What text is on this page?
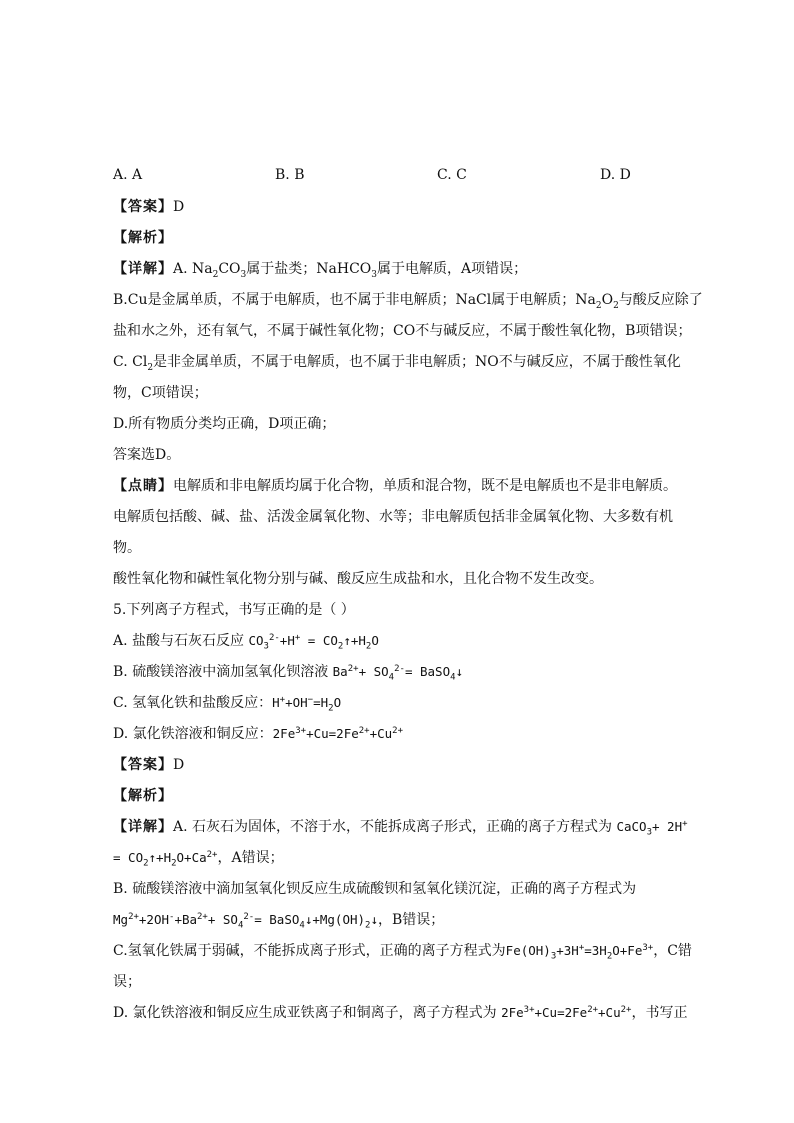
A. A	B. B	C. C	D. D
【答案】D
【解析】
【详解】A. $Na_2CO_3$属于盐类；NaHCO$_3$属于电解质，A项错误；
B.Cu是金属单质，不属于电解质，也不属于非电解质；NaCl属于电解质；$Na_2O_2$与酸反应除了
盐和水之外，还有氧气，不属于碱性氧化物；CO不与碱反应，不属于酸性氧化物，B项错误；
C. $Cl_2$是非金属单质，不属于电解质，也不属于非电解质；NO不与碱反应，不属于酸性氧化
物，C项错误；
D.所有物质分类均正确，D项正确；
答案选D。
【点睛】电解质和非电解质均属于化合物，单质和混合物，既不是电解质也不是非电解质。
电解质包括酸、碱、盐、活泼金属氧化物、水等；非电解质包括非金属氧化物、大多数有机
物。
酸性氧化物和碱性氧化物分别与碱、酸反应生成盐和水，且化合物不发生改变。
5.下列离子方程式，书写正确的是（ ）
A. 盐酸与石灰石反应 $CO_3^{2-}+H^+$ = $CO_2↑+H_2O$
B. 硫酸镁溶液中滴加氢氧化钡溶液 $Ba^{2+}+ SO_4^{2-}=$ BaSO$_4$↓
C. 氢氧化铁和盐酸反应：$H^++OH^-=H_2O$
D. 氯化铁溶液和铜反应：$2Fe^{3+}+Cu=2Fe^{2+}+Cu^{2+}$
【答案】D
【解析】
【详解】A. 石灰石为固体，不溶于水，不能拆成离子形式，正确的离子方程式为 CaCO$_3$+ 2H+
= $CO_2↑+H_2O+Ca^{2+}$，A错误；
B. 硫酸镁溶液中滴加氢氧化钡反应生成硫酸钡和氢氧化镁沉淀，正确的离子方程式为
$Mg^{2+}+2OH^-+Ba^{2+}+ SO_4^{2-}=$ $BaSO_4↓+Mg(OH)_2↓$，B错误；
C.氢氧化铁属于弱碱，不能拆成离子形式，正确的离子方程式为$Fe(OH)_3+3H^+=3H_2O+Fe^{3+}$，C错
误；
D. 氯化铁溶液和铜反应生成亚铁离子和铜离子，离子方程式为 $2Fe^{3+}+Cu=2Fe^{2+}+Cu^{2+}$，书写正
